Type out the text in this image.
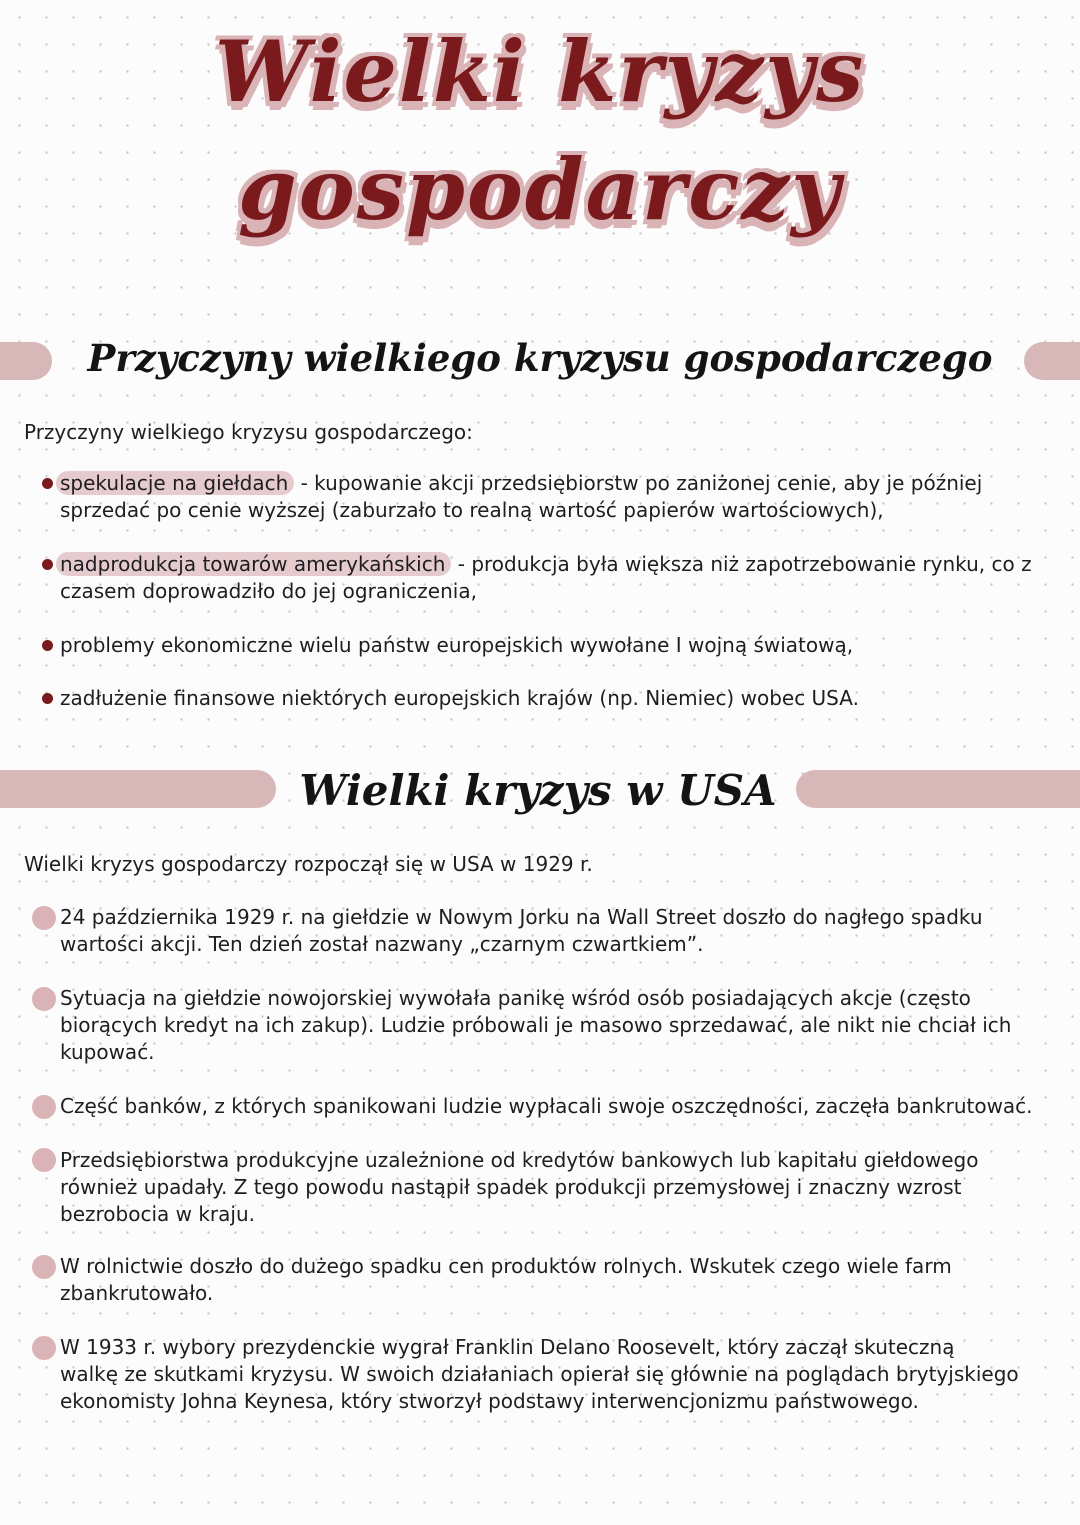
Wielki kryzys
gospodarczy
Przyczyny wielkiego kryzysu gospodarczego
Przyczyny wielkiego kryzysu gospodarczego:

spekulacje na giełdach - kupowanie akcji przedsiębiorstw po zaniżonej cenie, aby je później

sprzedać po cenie wyższej (zaburzało to realną wartość papierów wartościowych),

nadprodukcja towarów amerykańskich - produkcja była większa niż zapotrzebowanie rynku, co z

czasem doprowadziło do jej ograniczenia,

problemy ekonomiczne wielu państw europejskich wywołane I wojną światową,

zadłużenie finansowe niektórych europejskich krajów (np. Niemiec) wobec USA.

Wielki kryzys w USA
Wielki kryzys gospodarczy rozpoczął się w USA w 1929 r.

24 października 1929 r. na giełdzie w Nowym Jorku na Wall Street doszło do nagłego spadku

wartości akcji. Ten dzień został nazwany „czarnym czwartkiem”.

Sytuacja na giełdzie nowojorskiej wywołała panikę wśród osób posiadających akcje (często

biorących kredyt na ich zakup). Ludzie próbowali je masowo sprzedawać, ale nikt nie chciał ich

kupować.

Część banków, z których spanikowani ludzie wypłacali swoje oszczędności, zaczęła bankrutować.

Przedsiębiorstwa produkcyjne uzależnione od kredytów bankowych lub kapitału giełdowego

również upadały. Z tego powodu nastąpił spadek produkcji przemysłowej i znaczny wzrost

bezrobocia w kraju.

W rolnictwie doszło do dużego spadku cen produktów rolnych. Wskutek czego wiele farm

zbankrutowało.

W 1933 r. wybory prezydenckie wygrał Franklin Delano Roosevelt, który zaczął skuteczną

walkę ze skutkami kryzysu. W swoich działaniach opierał się głównie na poglądach brytyjskiego

ekonomisty Johna Keynesa, który stworzył podstawy interwencjonizmu państwowego.
